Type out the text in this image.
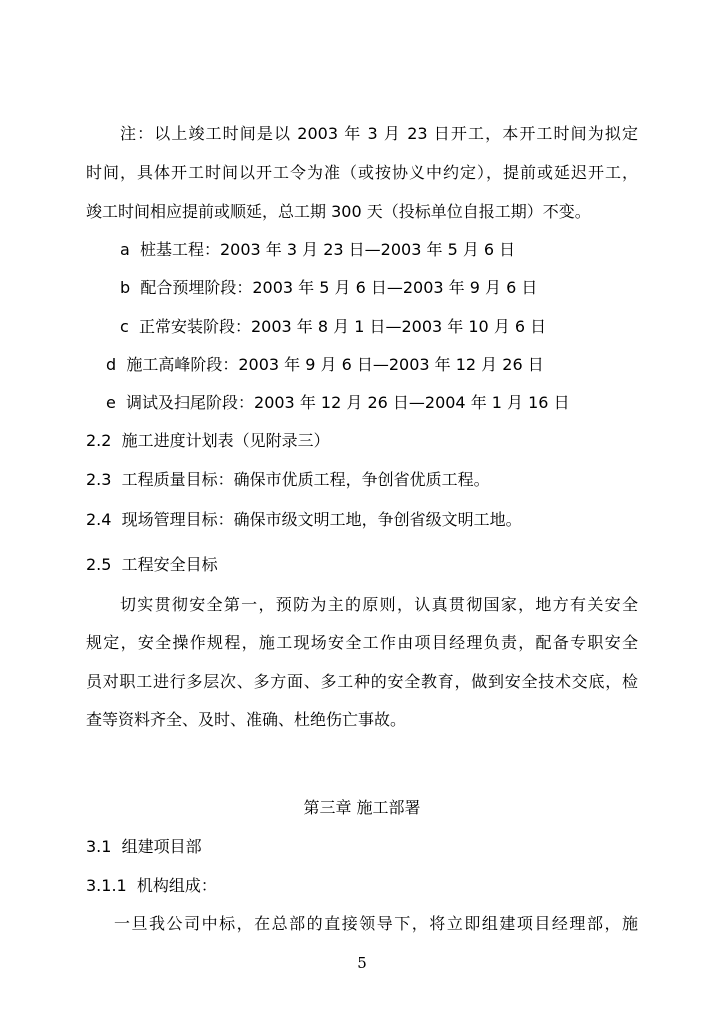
注：以上竣工时间是以 2003 年 3 月 23 日开工，本开工时间为拟定
时间，具体开工时间以开工令为准（或按协义中约定），提前或延迟开工，
竣工时间相应提前或顺延，总工期 300 天（投标单位自报工期）不变。
a 桩基工程：2003 年 3 月 23 日—2003 年 5 月 6 日
b 配合预埋阶段：2003 年 5 月 6 日—2003 年 9 月 6 日
c 正常安装阶段：2003 年 8 月 1 日—2003 年 10 月 6 日
d 施工高峰阶段：2003 年 9 月 6 日—2003 年 12 月 26 日
e 调试及扫尾阶段：2003 年 12 月 26 日—2004 年 1 月 16 日
2.2 施工进度计划表（见附录三）
2.3 工程质量目标：确保市优质工程，争创省优质工程。
2.4 现场管理目标：确保市级文明工地，争创省级文明工地。
2.5 工程安全目标
切实贯彻安全第一，预防为主的原则，认真贯彻国家，地方有关安全
规定，安全操作规程，施工现场安全工作由项目经理负责，配备专职安全
员对职工进行多层次、多方面、多工种的安全教育，做到安全技术交底，检
查等资料齐全、及时、准确、杜绝伤亡事故。
第三章 施工部署
3.1 组建项目部
3.1.1 机构组成：
一旦我公司中标，在总部的直接领导下，将立即组建项目经理部，施
5
